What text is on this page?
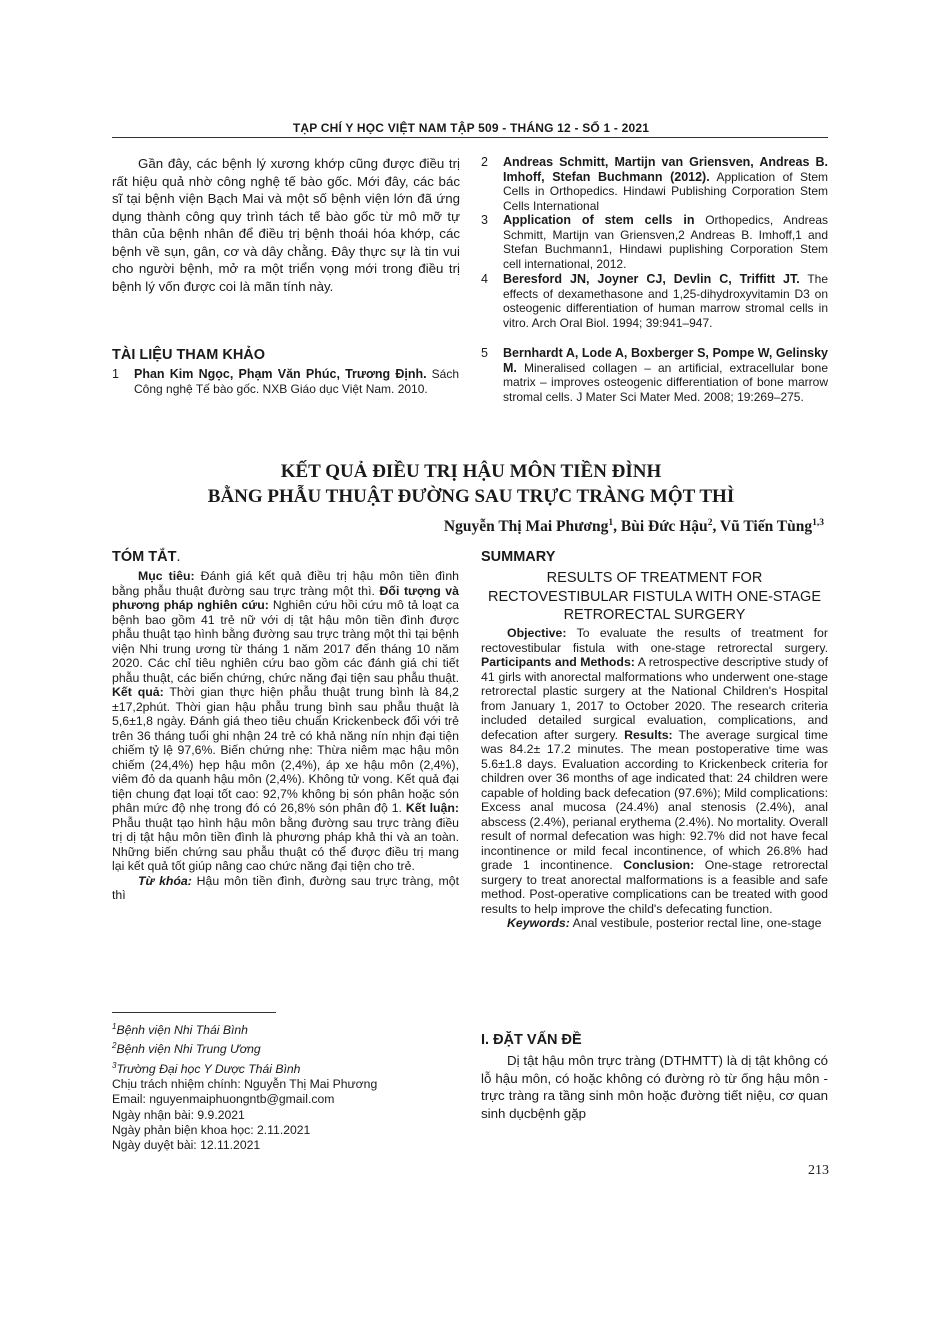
TẠP CHÍ Y HỌC VIỆT NAM TẬP 509 - THÁNG 12 - SỐ 1 - 2021

Gần đây, các bệnh lý xương khớp cũng được điều trị rất hiệu quả nhờ công nghệ tế bào gốc. Mới đây, các bác sĩ tại bệnh viện Bạch Mai và một số bệnh viện lớn đã ứng dụng thành công quy trình tách tế bào gốc từ mô mỡ tự thân của bệnh nhân để điều trị bệnh thoái hóa khớp, các bệnh về sụn, gân, cơ và dây chằng. Đây thực sự là tin vui cho người bệnh, mở ra một triển vọng mới trong điều trị bệnh lý vốn được coi là mãn tính này.

TÀI LIỆU THAM KHẢO
1 Phan Kim Ngọc, Phạm Văn Phúc, Trương Định. Sách Công nghệ Tế bào gốc. NXB Giáo dục Việt Nam. 2010.
2 Andreas Schmitt, Martijn van Griensven, Andreas B. Imhoff, Stefan Buchmann (2012). Application of Stem Cells in Orthopedics. Hindawi Publishing Corporation Stem Cells International
3 Application of stem cells in Orthopedics, Andreas Schmitt, Martijn van Griensven,2 Andreas B. Imhoff,1 and Stefan Buchmann1, Hindawi puplishing Corporation Stem cell international, 2012.
4 Beresford JN, Joyner CJ, Devlin C, Triffitt JT. The effects of dexamethasone and 1,25-dihydroxyvitamin D3 on osteogenic differentiation of human marrow stromal cells in vitro. Arch Oral Biol. 1994; 39:941–947.
5 Bernhardt A, Lode A, Boxberger S, Pompe W, Gelinsky M. Mineralised collagen – an artificial, extracellular bone matrix – improves osteogenic differentiation of bone marrow stromal cells. J Mater Sci Mater Med. 2008; 19:269–275.
KẾT QUẢ ĐIỀU TRỊ HẬU MÔN TIỀN ĐÌNH
BẰNG PHẪU THUẬT ĐƯỜNG SAU TRỰC TRÀNG MỘT THÌ
Nguyễn Thị Mai Phương$^1$, Bùi Đức Hậu$^2$, Vũ Tiến Tùng$^{1,3}$
TÓM TẮT.

Mục tiêu: Đánh giá kết quả điều trị hậu môn tiền đình bằng phẫu thuật đường sau trực tràng một thì. Đối tượng và phương pháp nghiên cứu: Nghiên cứu hồi cứu mô tả loạt ca bệnh bao gồm 41 trẻ nữ với dị tật hậu môn tiền đình được phẫu thuật tạo hình bằng đường sau trực tràng một thì tại bệnh viện Nhi trung ương từ tháng 1 năm 2017 đến tháng 10 năm 2020. Các chỉ tiêu nghiên cứu bao gồm các đánh giá chi tiết phẫu thuật, các biến chứng, chức năng đại tiện sau phẫu thuật. Kết quả: Thời gian thực hiện phẫu thuật trung bình là 84,2 ±17,2phút. Thời gian hậu phẫu trung bình sau phẫu thuật là 5,6±1,8 ngày. Đánh giá theo tiêu chuẩn Krickenbeck đối với trẻ trên 36 tháng tuổi ghi nhận 24 trẻ có khả năng nín nhịn đại tiện chiếm tỷ lệ 97,6%. Biến chứng nhẹ: Thừa niêm mạc hậu môn chiếm (24,4%) hẹp hậu môn (2,4%), áp xe hậu môn (2,4%), viêm đỏ da quanh hậu môn (2,4%). Không tử vong. Kết quả đại tiện chung đạt loại tốt cao: 92,7% không bị són phân hoặc són phân mức độ nhẹ trong đó có 26,8% són phân độ 1. Kết luận: Phẫu thuật tạo hình hậu môn bằng đường sau trực tràng điều trị dị tật hậu môn tiền đình là phương pháp khả thi và an toàn. Những biến chứng sau phẫu thuật có thể được điều trị mang lại kết quả tốt giúp nâng cao chức năng đại tiện cho trẻ.

Từ khóa: Hậu môn tiền đình, đường sau trực tràng, một thì

SUMMARY
RESULTS OF TREATMENT FOR RECTOVESTIBULAR FISTULA WITH ONE-STAGE RETRORECTAL SURGERY

Objective: To evaluate the results of treatment for rectovestibular fistula with one-stage retrorectal surgery. Participants and Methods: A retrospective descriptive study of 41 girls with anorectal malformations who underwent one-stage retrorectal plastic surgery at the National Children's Hospital from January 1, 2017 to October 2020. The research criteria included detailed surgical evaluation, complications, and defecation after surgery. Results: The average surgical time was 84.2± 17.2 minutes. The mean postoperative time was 5.6±1.8 days. Evaluation according to Krickenbeck criteria for children over 36 months of age indicated that: 24 children were capable of holding back defecation (97.6%); Mild complications: Excess anal mucosa (24.4%) anal stenosis (2.4%), anal abscess (2.4%), perianal erythema (2.4%). No mortality. Overall result of normal defecation was high: 92.7% did not have fecal incontinence or mild fecal incontinence, of which 26.8% had grade 1 incontinence. Conclusion: One-stage retrorectal surgery to treat anorectal malformations is a feasible and safe method. Post-operative complications can be treated with good results to help improve the child's defecating function.

Keywords: Anal vestibule, posterior rectal line, one-stage

$^1$Bệnh viện Nhi Thái Bình
$^2$Bệnh viện Nhi Trung Ương
$^3$Trường Đại học Y Dược Thái Bình
Chịu trách nhiệm chính: Nguyễn Thị Mai Phương
Email: nguyenmaiphuongntb@gmail.com
Ngày nhận bài: 9.9.2021
Ngày phản biện khoa học: 2.11.2021
Ngày duyệt bài: 12.11.2021
I. ĐẶT VẤN ĐỀ

Dị tật hậu môn trực tràng (DTHMTT) là dị tật không có lỗ hậu môn, có hoặc không có đường rò từ ống hậu môn - trực tràng ra tầng sinh môn hoặc đường tiết niệu, cơ quan sinh dụcbệnh gặp

213
